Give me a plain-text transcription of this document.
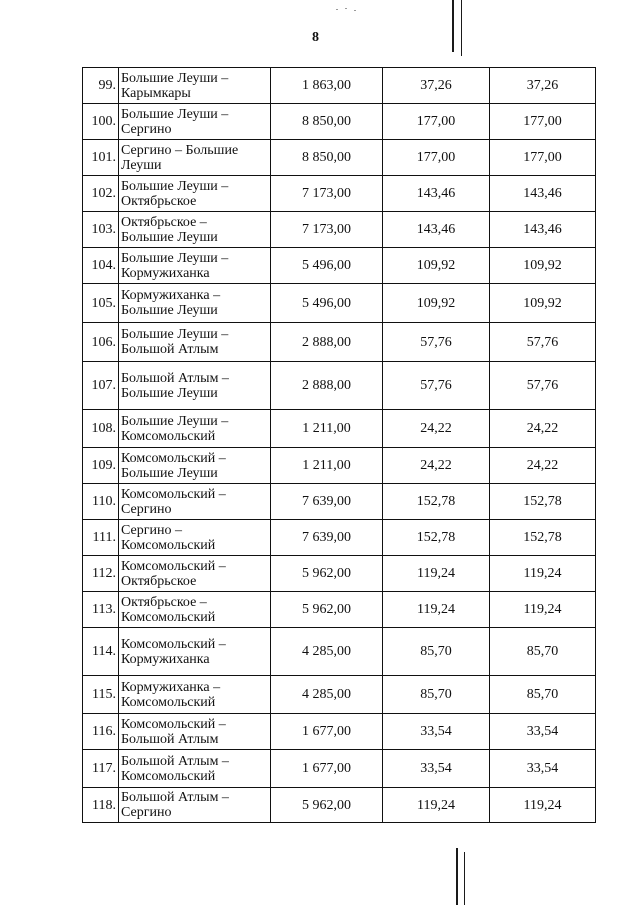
8
99.	Большие Леуши –
Карымкары	1 863,00	37,26	37,26
100.	Большие Леуши –
Сергино	8 850,00	177,00	177,00
101.	Сергино – Большие
Леуши	8 850,00	177,00	177,00
102.	Большие Леуши –
Октябрьское	7 173,00	143,46	143,46
103.	Октябрьское –
Большие Леуши	7 173,00	143,46	143,46
104.	Большие Леуши –
Кормужиханка	5 496,00	109,92	109,92
105.	Кормужиханка –
Большие Леуши	5 496,00	109,92	109,92
106.	Большие Леуши –
Большой Атлым	2 888,00	57,76	57,76
107.	Большой Атлым –
Большие Леуши	2 888,00	57,76	57,76
108.	Большие Леуши –
Комсомольский	1 211,00	24,22	24,22
109.	Комсомольский –
Большие Леуши	1 211,00	24,22	24,22
110.	Комсомольский –
Сергино	7 639,00	152,78	152,78
111.	Сергино –
Комсомольский	7 639,00	152,78	152,78
112.	Комсомольский –
Октябрьское	5 962,00	119,24	119,24
113.	Октябрьское –
Комсомольский	5 962,00	119,24	119,24
114.	Комсомольский –
Кормужиханка	4 285,00	85,70	85,70
115.	Кормужиханка –
Комсомольский	4 285,00	85,70	85,70
116.	Комсомольский –
Большой Атлым	1 677,00	33,54	33,54
117.	Большой Атлым –
Комсомольский	1 677,00	33,54	33,54
118.	Большой Атлым –
Сергино	5 962,00	119,24	119,24
